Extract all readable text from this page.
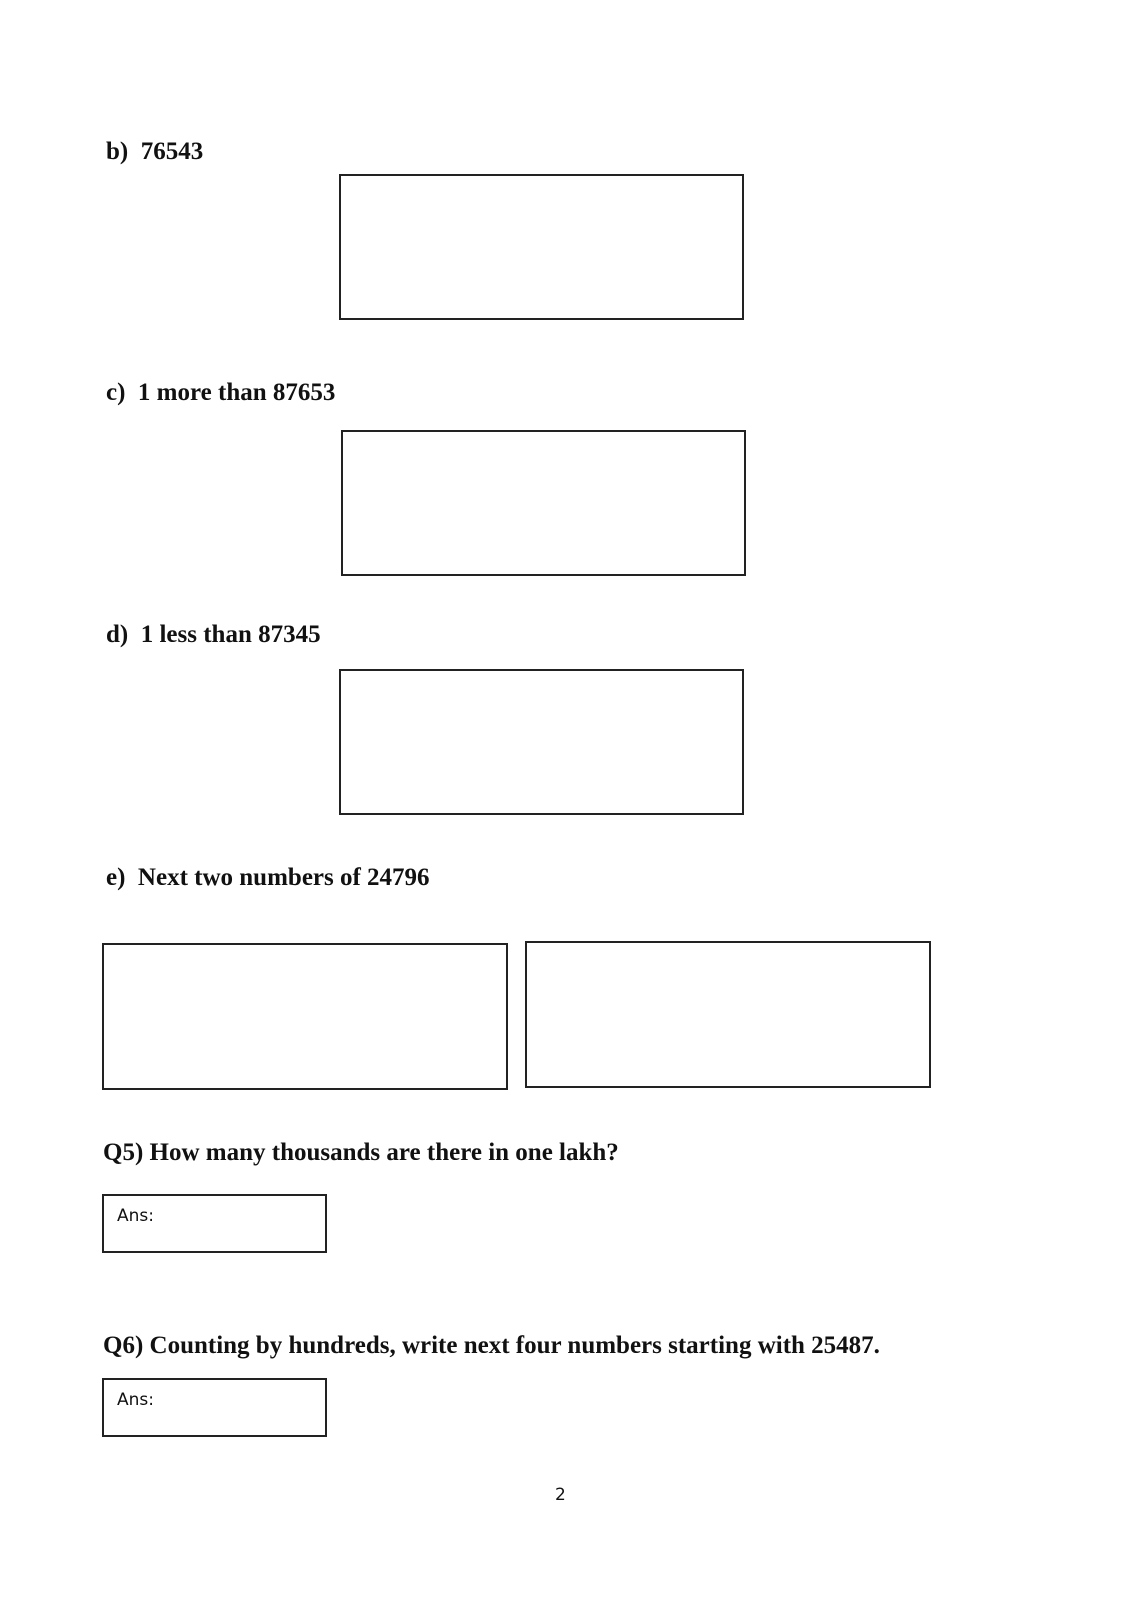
b) 76543
c) 1 more than 87653
d) 1 less than 87345
e) Next two numbers of 24796
Q5) How many thousands are there in one lakh?
Ans:
Q6) Counting by hundreds, write next four numbers starting with 25487.
Ans:
2
